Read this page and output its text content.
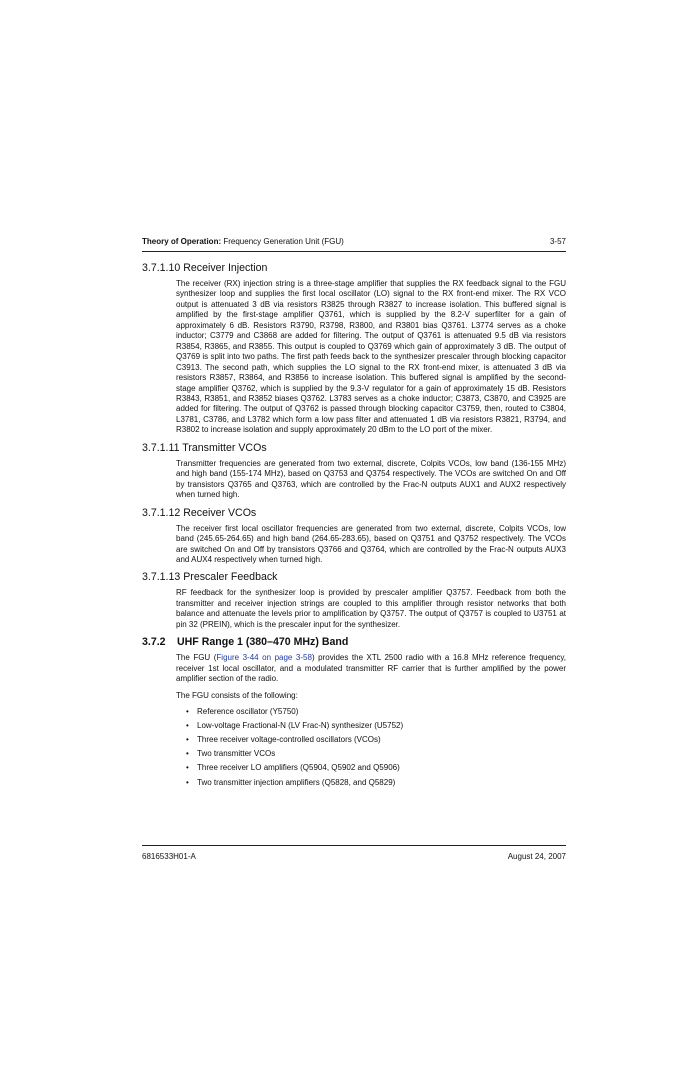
Theory of Operation: Frequency Generation Unit (FGU)	3-57
3.7.1.10 Receiver Injection

The receiver (RX) injection string is a three-stage amplifier that supplies the RX feedback signal to the FGU synthesizer loop and supplies the first local oscillator (LO) signal to the RX front-end mixer. The RX VCO output is attenuated 3 dB via resistors R3825 through R3827 to increase isolation. This buffered signal is amplified by the first-stage amplifier Q3761, which is supplied by the 8.2-V superfilter for a gain of approximately 6 dB. Resistors R3790, R3798, R3800, and R3801 bias Q3761. L3774 serves as a choke inductor; C3779 and C3868 are added for filtering. The output of Q3761 is attenuated 9.5 dB via resistors R3854, R3865, and R3855. This output is coupled to Q3769 which gain of approximately 3 dB. The output of Q3769 is split into two paths. The first path feeds back to the synthesizer prescaler through blocking capacitor C3913. The second path, which supplies the LO signal to the RX front-end mixer, is attenuated 3 dB via resistors R3857, R3864, and R3856 to increase isolation. This buffered signal is amplified by the second-stage amplifier Q3762, which is supplied by the 9.3-V regulator for a gain of approximately 15 dB. Resistors R3843, R3851, and R3852 biases Q3762. L3783 serves as a choke inductor; C3873, C3870, and C3925 are added for filtering. The output of Q3762 is passed through blocking capacitor C3759, then, routed to C3804, L3781, C3786, and L3782 which form a low pass filter and attenuated 1 dB via resistors R3821, R3794, and R3802 to increase isolation and supply approximately 20 dBm to the LO port of the mixer.

3.7.1.11 Transmitter VCOs

Transmitter frequencies are generated from two external, discrete, Colpits VCOs, low band (136-155 MHz) and high band (155-174 MHz), based on Q3753 and Q3754 respectively. The VCOs are switched On and Off by transistors Q3765 and Q3763, which are controlled by the Frac-N outputs AUX1 and AUX2 respectively when turned high.

3.7.1.12 Receiver VCOs

The receiver first local oscillator frequencies are generated from two external, discrete, Colpits VCOs, low band (245.65-264.65) and high band (264.65-283.65), based on Q3751 and Q3752 respectively. The VCOs are switched On and Off by transistors Q3766 and Q3764, which are controlled by the Frac-N outputs AUX3 and AUX4 respectively when turned high.

3.7.1.13 Prescaler Feedback

RF feedback for the synthesizer loop is provided by prescaler amplifier Q3757. Feedback from both the transmitter and receiver injection strings are coupled to this amplifier through resistor networks that both balance and attenuate the levels prior to amplification by Q3757. The output of Q3757 is coupled to U3751 at pin 32 (PREIN), which is the prescaler input for the synthesizer.

3.7.2 UHF Range 1 (380–470 MHz) Band

The FGU (Figure 3-44 on page 3-58) provides the XTL 2500 radio with a 16.8 MHz reference frequency, receiver 1st local oscillator, and a modulated transmitter RF carrier that is further amplified by the power amplifier section of the radio.

The FGU consists of the following:

• Reference oscillator (Y5750)
• Low-voltage Fractional-N (LV Frac-N) synthesizer (U5752)
• Three receiver voltage-controlled oscillators (VCOs)
• Two transmitter VCOs
• Three receiver LO amplifiers (Q5904, Q5902 and Q5906)
• Two transmitter injection amplifiers (Q5828, and Q5829)
6816533H01-A	August 24, 2007
